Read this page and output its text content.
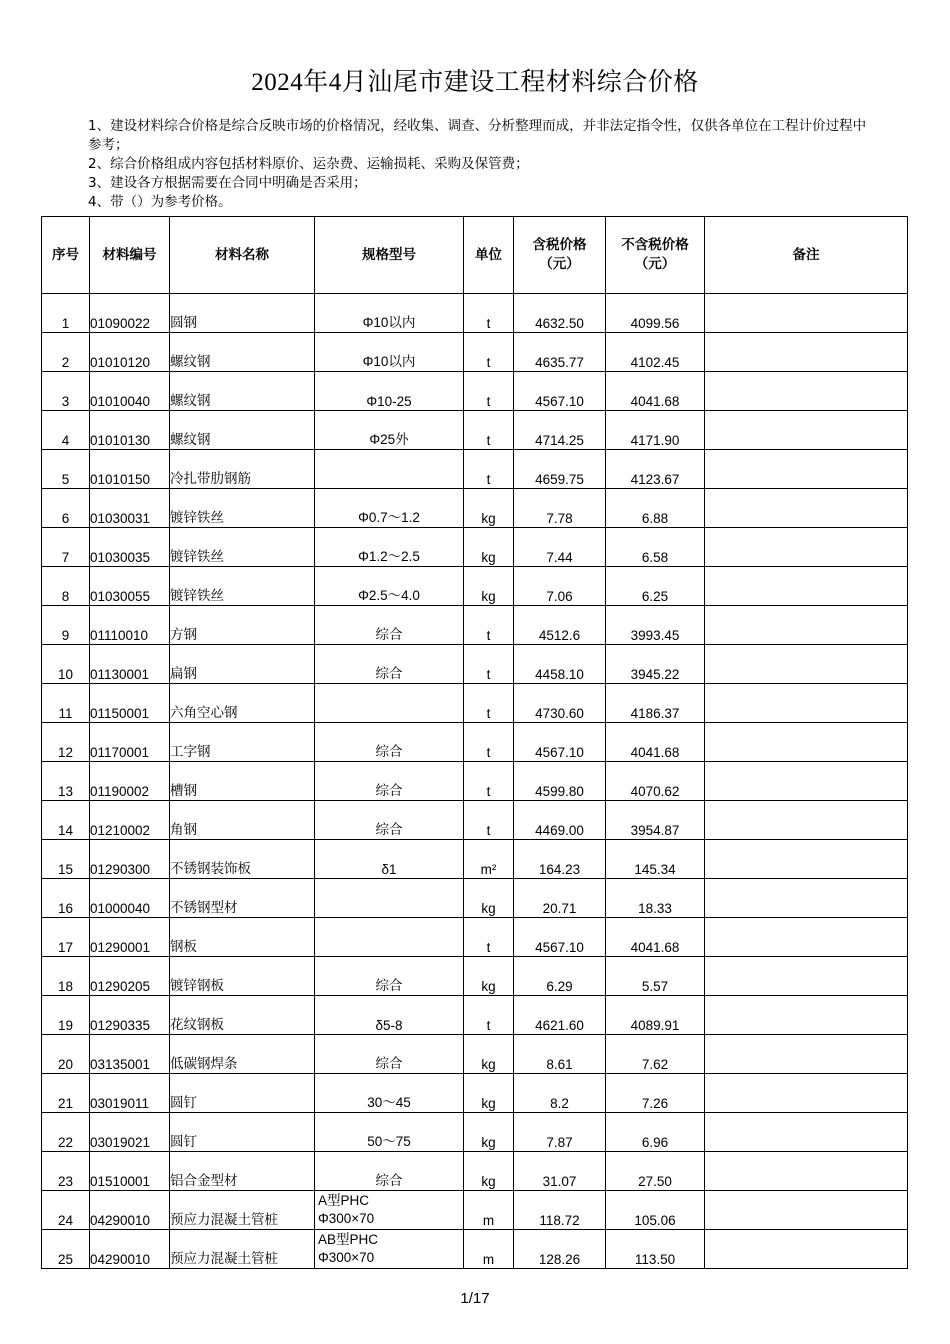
2024年4月汕尾市建设工程材料综合价格
1、建设材料综合价格是综合反映市场的价格情况，经收集、调查、分析整理而成，并非法定指令性，仅供各单位在工程计价过程中参考；
2、综合价格组成内容包括材料原价、运杂费、运输损耗、采购及保管费；
3、建设各方根据需要在合同中明确是否采用；
4、带（）为参考价格。
序号	材料编号	材料名称	规格型号	单位	含税价格
（元）	不含税价格
（元）	备注
1	01090022	圆钢	Φ10以内	t	4632.50	4099.56	
2	01010120	螺纹钢	Φ10以内	t	4635.77	4102.45	
3	01010040	螺纹钢	Φ10-25	t	4567.10	4041.68	
4	01010130	螺纹钢	Φ25外	t	4714.25	4171.90	
5	01010150	冷扎带肋钢筋		t	4659.75	4123.67	
6	01030031	镀锌铁丝	Φ0.7～1.2	kg	7.78	6.88	
7	01030035	镀锌铁丝	Φ1.2～2.5	kg	7.44	6.58	
8	01030055	镀锌铁丝	Φ2.5～4.0	kg	7.06	6.25	
9	01110010	方钢	综合	t	4512.6	3993.45	
10	01130001	扁钢	综合	t	4458.10	3945.22	
11	01150001	六角空心钢		t	4730.60	4186.37	
12	01170001	工字钢	综合	t	4567.10	4041.68	
13	01190002	槽钢	综合	t	4599.80	4070.62	
14	01210002	角钢	综合	t	4469.00	3954.87	
15	01290300	不锈钢装饰板	δ1	m²	164.23	145.34	
16	01000040	不锈钢型材		kg	20.71	18.33	
17	01290001	钢板		t	4567.10	4041.68	
18	01290205	镀锌钢板	综合	kg	6.29	5.57	
19	01290335	花纹钢板	δ5-8	t	4621.60	4089.91	
20	03135001	低碳钢焊条	综合	kg	8.61	7.62	
21	03019011	圆钉	30～45	kg	8.2	7.26	
22	03019021	圆钉	50～75	kg	7.87	6.96	
23	01510001	铝合金型材	综合	kg	31.07	27.50	
24	04290010	预应力混凝土管桩	A型PHC
Φ300×70	m	118.72	105.06	
25	04290010	预应力混凝土管桩	AB型PHC
Φ300×70	m	128.26	113.50	
1/17
